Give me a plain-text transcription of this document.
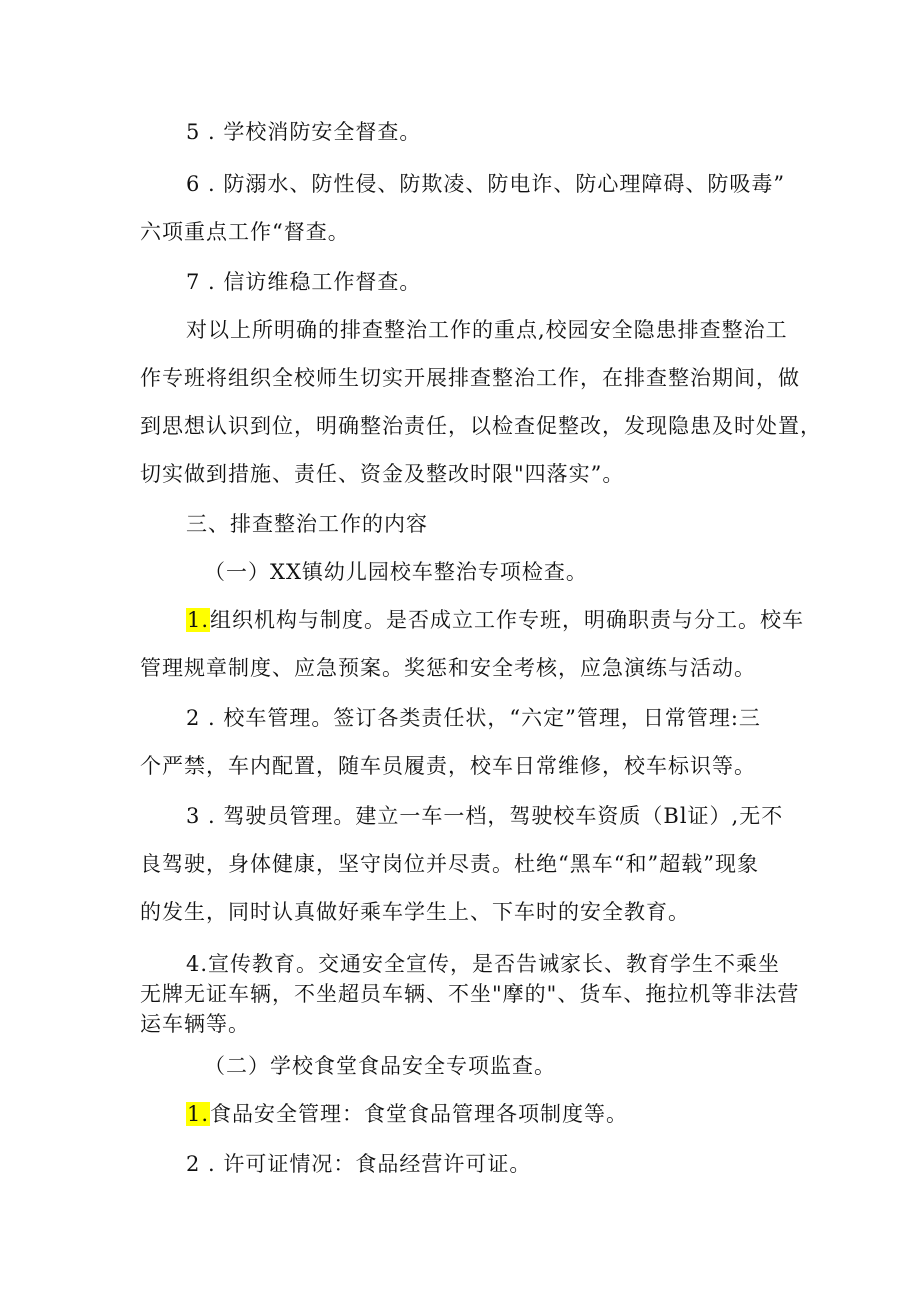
5 . 学校消防安全督查。
6 . 防溺水、防性侵、防欺凌、防电诈、防心理障碍、防吸毒”
六项重点工作“督查。
7 . 信访维稳工作督查。
对以上所明确的排查整治工作的重点,校园安全隐患排查整治工
作专班将组织全校师生切实开展排查整治工作，在排查整治期间，做
到思想认识到位，明确整治责任，以检查促整改，发现隐患及时处置，
切实做到措施、责任、资金及整改时限"四落实”。
三、排查整治工作的内容
（一）XX镇幼儿园校车整治专项检查。
1.组织机构与制度。是否成立工作专班，明确职责与分工。校车
管理规章制度、应急预案。奖惩和安全考核，应急演练与活动。
2 . 校车管理。签订各类责任状，“六定”管理，日常管理:三
个严禁，车内配置，随车员履责，校车日常维修，校车标识等。
3 . 驾驶员管理。建立一车一档，驾驶校车资质（Bl证）,无不
良驾驶，身体健康，坚守岗位并尽责。杜绝“黑车“和”超载”现象
的发生，同时认真做好乘车学生上、下车时的安全教育。
4.宣传教育。交通安全宣传，是否告诫家长、教育学生不乘坐
无牌无证车辆，不坐超员车辆、不坐"摩的"、货车、拖拉机等非法营
运车辆等。
（二）学校食堂食品安全专项监查。
1.食品安全管理：食堂食品管理各项制度等。
2 . 许可证情况：食品经营许可证。
